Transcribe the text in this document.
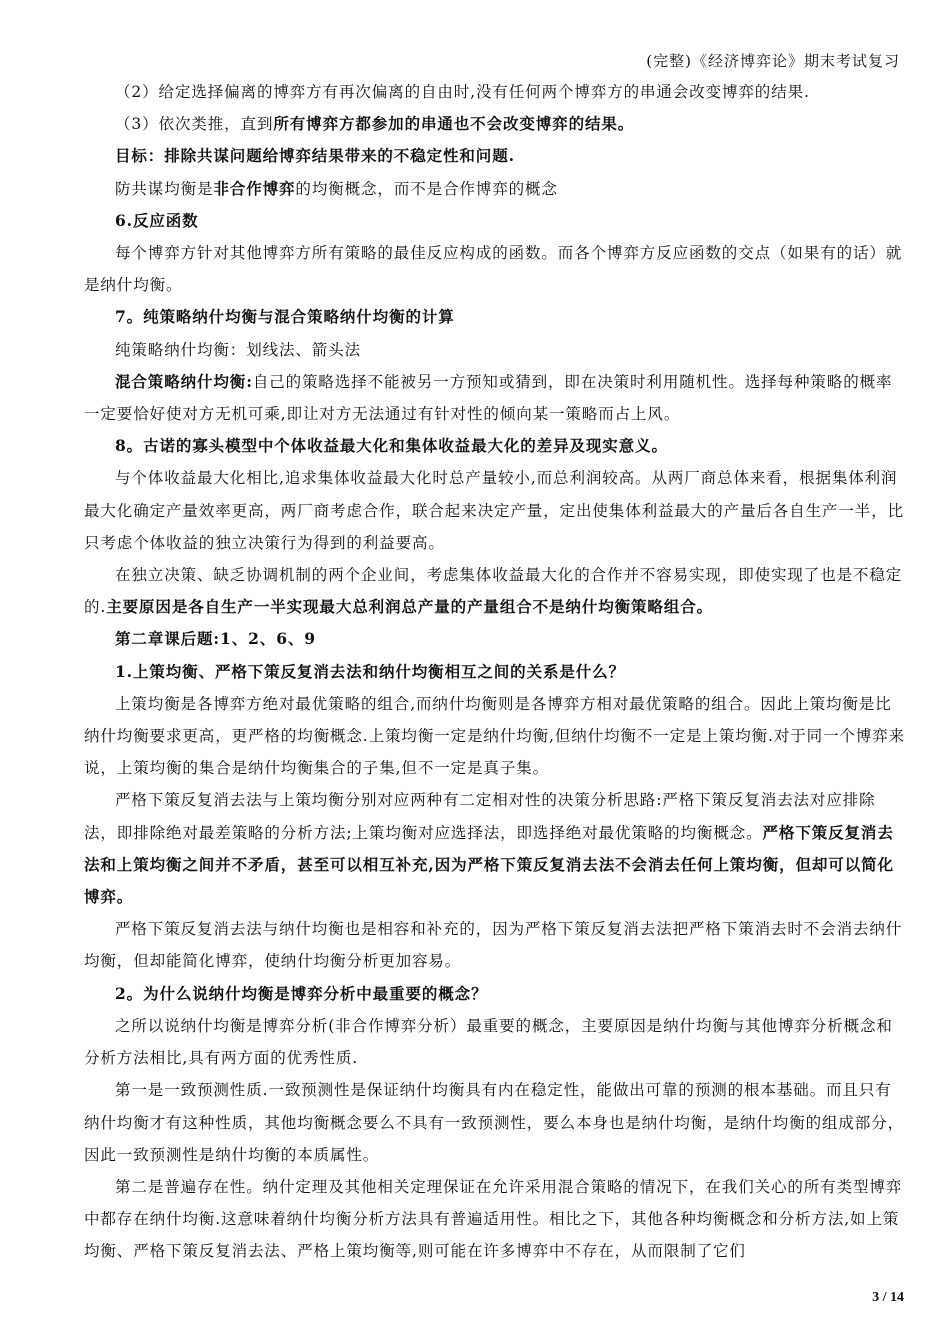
(完整)《经济博弈论》期末考试复习

（2）给定选择偏离的博弈方有再次偏离的自由时,没有任何两个博弈方的串通会改变博弈的结果.

（3）依次类推，直到所有博弈方都参加的串通也不会改变博弈的结果。

目标：排除共谋问题给博弈结果带来的不稳定性和问题.

防共谋均衡是非合作博弈的均衡概念，而不是合作博弈的概念

6.反应函数

每个博弈方针对其他博弈方所有策略的最佳反应构成的函数。而各个博弈方反应函数的交点（如果有的话）就是纳什均衡。

7。纯策略纳什均衡与混合策略纳什均衡的计算

纯策略纳什均衡：划线法、箭头法

混合策略纳什均衡:自己的策略选择不能被另一方预知或猜到，即在决策时利用随机性。选择每种策略的概率一定要恰好使对方无机可乘,即让对方无法通过有针对性的倾向某一策略而占上风。

8。古诺的寡头模型中个体收益最大化和集体收益最大化的差异及现实意义。

与个体收益最大化相比,追求集体收益最大化时总产量较小,而总利润较高。从两厂商总体来看，根据集体利润最大化确定产量效率更高，两厂商考虑合作，联合起来决定产量，定出使集体利益最大的产量后各自生产一半，比只考虑个体收益的独立决策行为得到的利益要高。

在独立决策、缺乏协调机制的两个企业间，考虑集体收益最大化的合作并不容易实现，即使实现了也是不稳定的.主要原因是各自生产一半实现最大总利润总产量的产量组合不是纳什均衡策略组合。

第二章课后题:1、2、6、9

1.上策均衡、严格下策反复消去法和纳什均衡相互之间的关系是什么？

上策均衡是各博弈方绝对最优策略的组合,而纳什均衡则是各博弈方相对最优策略的组合。因此上策均衡是比纳什均衡要求更高，更严格的均衡概念.上策均衡一定是纳什均衡,但纳什均衡不一定是上策均衡.对于同一个博弈来说，上策均衡的集合是纳什均衡集合的子集,但不一定是真子集。

严格下策反复消去法与上策均衡分别对应两种有二定相对性的决策分析思路:严格下策反复消去法对应排除法，即排除绝对最差策略的分析方法;上策均衡对应选择法，即选择绝对最优策略的均衡概念。严格下策反复消去法和上策均衡之间并不矛盾，甚至可以相互补充,因为严格下策反复消去法不会消去任何上策均衡，但却可以简化博弈。

严格下策反复消去法与纳什均衡也是相容和补充的，因为严格下策反复消去法把严格下策消去时不会消去纳什均衡，但却能简化博弈，使纳什均衡分析更加容易。

2。为什么说纳什均衡是博弈分析中最重要的概念？

之所以说纳什均衡是博弈分析(非合作博弈分析）最重要的概念，主要原因是纳什均衡与其他博弈分析概念和分析方法相比,具有两方面的优秀性质.

第一是一致预测性质.一致预测性是保证纳什均衡具有内在稳定性，能做出可靠的预测的根本基础。而且只有纳什均衡才有这种性质，其他均衡概念要么不具有一致预测性，要么本身也是纳什均衡，是纳什均衡的组成部分，因此一致预测性是纳什均衡的本质属性。

第二是普遍存在性。纳什定理及其他相关定理保证在允许采用混合策略的情况下，在我们关心的所有类型博弈中都存在纳什均衡.这意味着纳什均衡分析方法具有普遍适用性。相比之下，其他各种均衡概念和分析方法,如上策均衡、严格下策反复消去法、严格上策均衡等,则可能在许多博弈中不存在，从而限制了它们

3 / 14
